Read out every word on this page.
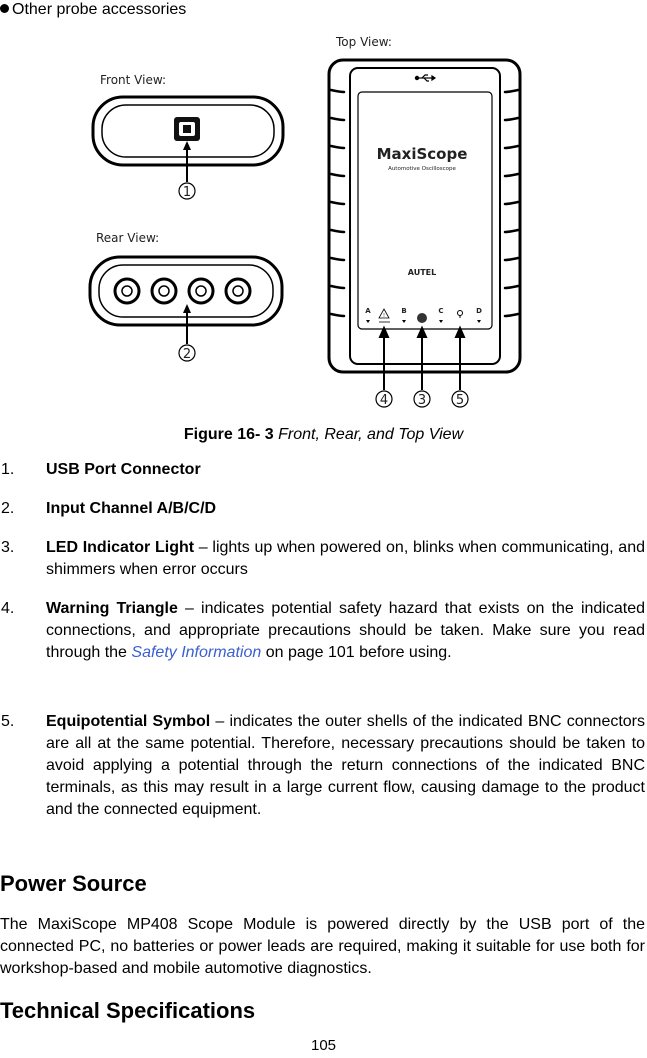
Other probe accessories
Top View:
Front View:
1
Rear View:
2
MaxiScope
Automotive Oscilloscope
AUTEL
A	B	C	D
!
4 3 5
Figure 16- 3 Front, Rear, and Top View
1. USB Port Connector
2. Input Channel A/B/C/D
3. LED Indicator Light – lights up when powered on, blinks when communicating, and shimmers when error occurs
4. Warning Triangle – indicates potential safety hazard that exists on the indicated connections, and appropriate precautions should be taken. Make sure you read through the Safety Information on page 101 before using.
5. Equipotential Symbol – indicates the outer shells of the indicated BNC connectors are all at the same potential. Therefore, necessary precautions should be taken to avoid applying a potential through the return connections of the indicated BNC terminals, as this may result in a large current flow, causing damage to the product and the connected equipment.
Power Source
The MaxiScope MP408 Scope Module is powered directly by the USB port of the connected PC, no batteries or power leads are required, making it suitable for use both for workshop-based and mobile automotive diagnostics.
Technical Specifications
105
